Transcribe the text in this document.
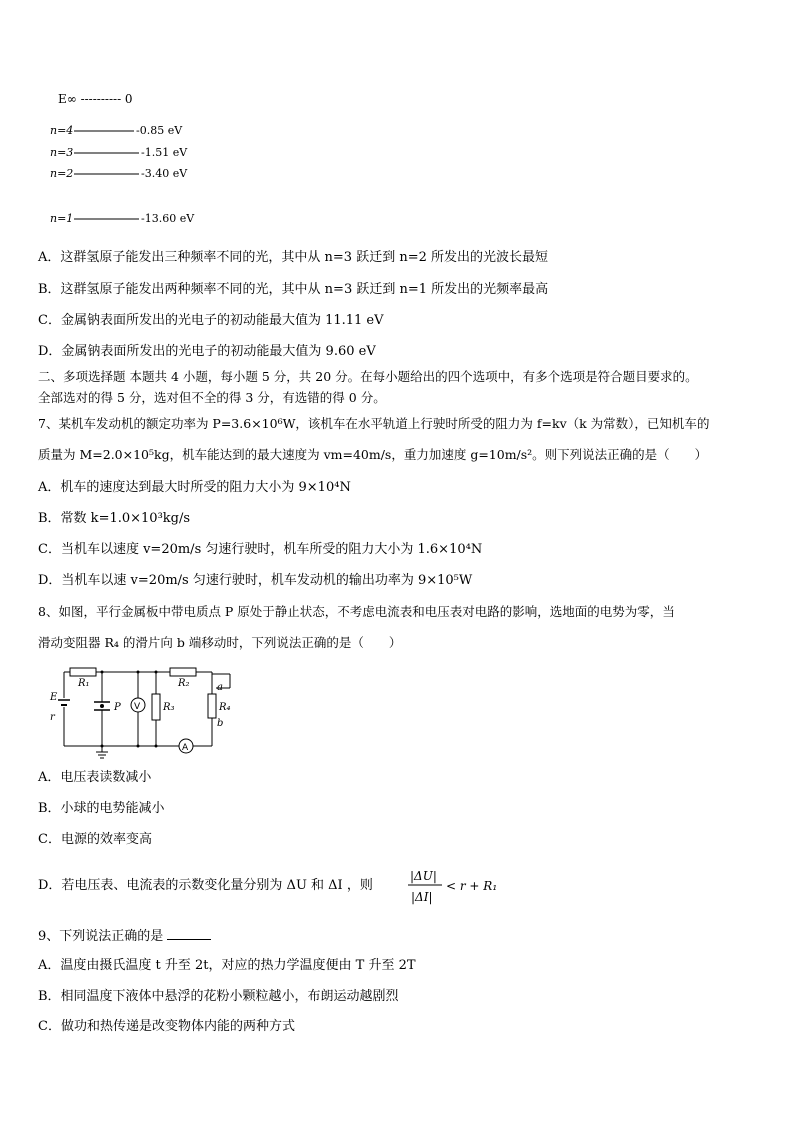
E∞ ---------- 0
n=4	-0.85 eV
n=3	-1.51 eV
n=2	-3.40 eV
n=1	-13.60 eV
A．这群氢原子能发出三种频率不同的光，其中从 n=3 跃迁到 n=2 所发出的光波长最短
B．这群氢原子能发出两种频率不同的光，其中从 n=3 跃迁到 n=1 所发出的光频率最高
C．金属钠表面所发出的光电子的初动能最大值为 11.11 eV
D．金属钠表面所发出的光电子的初动能最大值为 9.60 eV
二、多项选择题 本题共 4 小题，每小题 5 分，共 20 分。在每小题给出的四个选项中，有多个选项是符合题目要求的。
全部选对的得 5 分，选对但不全的得 3 分，有选错的得 0 分。
7、某机车发动机的额定功率为 P=3.6×10⁶W，该机车在水平轨道上行驶时所受的阻力为 f=kv（k 为常数），已知机车的
质量为 M=2.0×10⁵kg，机车能达到的最大速度为 vm=40m/s，重力加速度 g=10m/s²。则下列说法正确的是（　　）
A．机车的速度达到最大时所受的阻力大小为 9×10⁴N
B．常数 k=1.0×10³kg/s
C．当机车以速度 v=20m/s 匀速行驶时，机车所受的阻力大小为 1.6×10⁴N
D．当机车以速 v=20m/s 匀速行驶时，机车发动机的输出功率为 9×10⁵W
8、如图，平行金属板中带电质点 P 原处于静止状态，不考虑电流表和电压表对电路的影响，选地面的电势为零，当
滑动变阻器 R₄ 的滑片向 b 端移动时，下列说法正确的是（　　）
R₁	R₂
R₃	R₄
E
r
P
a
b
V
A
A．电压表读数减小
B．小球的电势能减小
C．电源的效率变高
D．若电压表、电流表的示数变化量分别为 ΔU 和 ΔI ，则
|ΔU|
|ΔI|
< r + R₁
9、下列说法正确的是
A．温度由摄氏温度 t 升至 2t，对应的热力学温度便由 T 升至 2T
B．相同温度下液体中悬浮的花粉小颗粒越小，布朗运动越剧烈
C．做功和热传递是改变物体内能的两种方式
